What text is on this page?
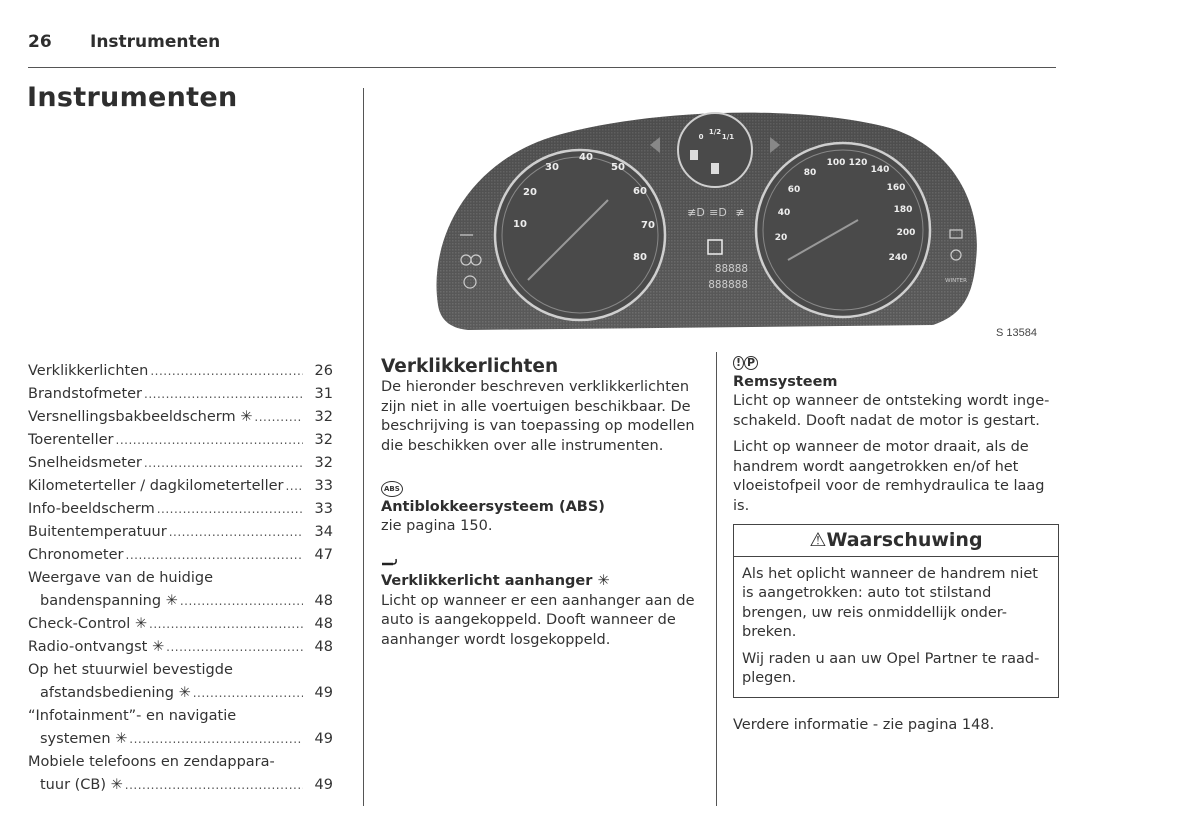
26 Instrumenten
Instrumenten
10
20
30
40
50
60
70
80
0
1/2
1/1
≢D ≡D ≢
88888
888888
20
40
60
80
100 120
140
160
180
200
240
WINTER
S 13584
Verklikkerlichten .....	26
Brandstofmeter .....	31
Versnellingsbakbeeldscherm ✳ .....	32
Toerenteller .....	32
Snelheidsmeter .....	32
Kilometerteller / dagkilometerteller .....	33
Info-beeldscherm .....	33
Buitentemperatuur .....	34
Chronometer .....	47
Weergave van de huidige
bandenspanning ✳ .....	48
Check-Control ✳ .....	48
Radio-ontvangst ✳ .....	48
Op het stuurwiel bevestigde
afstandsbediening ✳ .....	49
“Infotainment”- en navigatie
systemen ✳ .....	49
Mobiele telefoons en zendappara-
tuur (CB) ✳ .....	49
Verklikkerlichten

De hieronder beschreven verklikkerlichten zijn niet in alle voertuigen beschikbaar. De beschrijving is van toepassing op modellen die beschikken over alle instrumenten.

ABS
Antiblokkeersysteem (ABS)

zie pagina 150.

Verklikkerlicht aanhanger ✳

Licht op wanneer er een aanhanger aan de auto is aangekoppeld. Dooft wanneer de aanhanger wordt losgekoppeld.

! P
Remsysteem

Licht op wanneer de ontsteking wordt inge-schakeld. Dooft nadat de motor is gestart.

Licht op wanneer de motor draait, als de handrem wordt aangetrokken en/of het vloeistofpeil voor de remhydraulica te laag is.

⚠Waarschuwing

Als het oplicht wanneer de handrem niet is aangetrokken: auto tot stilstand brengen, uw reis onmiddellijk onder-breken.

Wij raden u aan uw Opel Partner te raad-plegen.

Verdere informatie - zie pagina 148.
